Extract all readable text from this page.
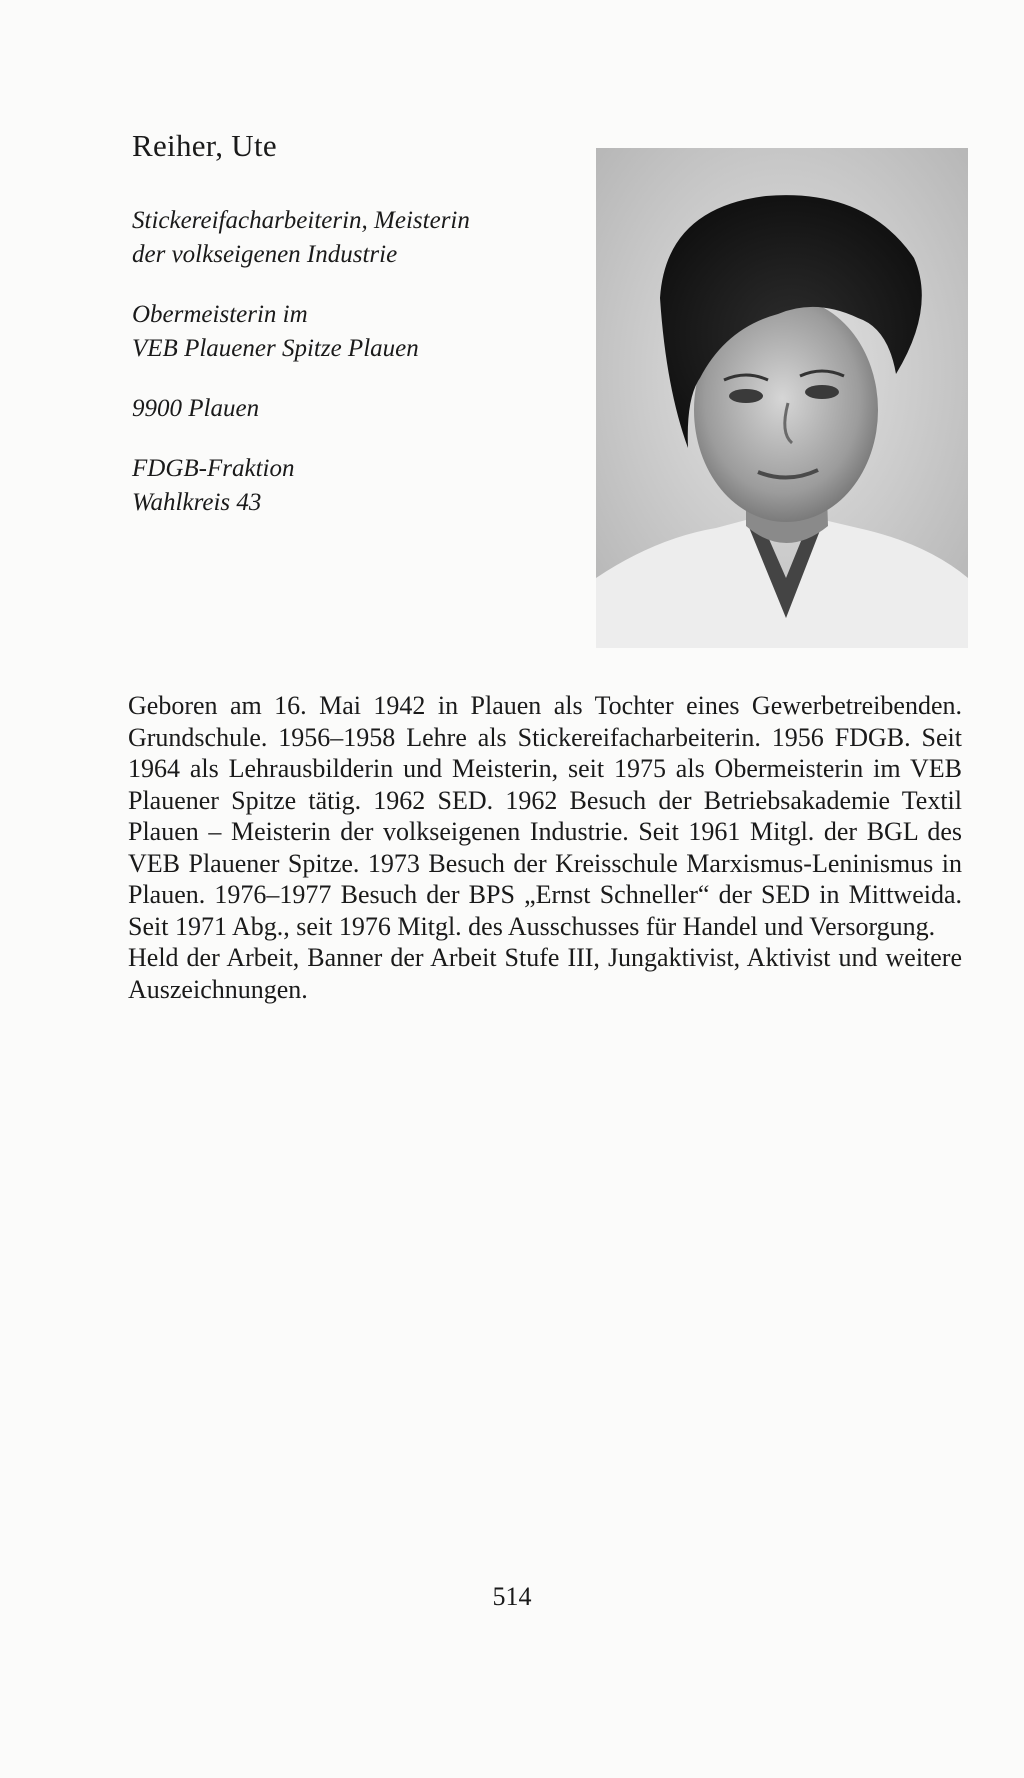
Reiher, Ute
Stickereifacharbeiterin, Meisterin
der volkseigenen Industrie
Obermeisterin im
VEB Plauener Spitze Plauen
9900 Plauen
FDGB-Fraktion
Wahlkreis 43

Geboren am 16. Mai 1942 in Plauen als Tochter eines Gewerbetreibenden. Grundschule. 1956–1958 Lehre als Stickereifacharbeiterin. 1956 FDGB. Seit 1964 als Lehrausbilderin und Meisterin, seit 1975 als Obermeisterin im VEB Plauener Spitze tätig. 1962 SED. 1962 Besuch der Betriebsakademie Textil Plauen – Meisterin der volkseigenen Industrie. Seit 1961 Mitgl. der BGL des VEB Plauener Spitze. 1973 Besuch der Kreisschule Marxismus-Leninismus in Plauen. 1976–1977 Besuch der BPS „Ernst Schneller“ der SED in Mittweida. Seit 1971 Abg., seit 1976 Mitgl. des Ausschusses für Handel und Versorgung.

Held der Arbeit, Banner der Arbeit Stufe III, Jungaktivist, Aktivist und weitere Auszeichnungen.

514
